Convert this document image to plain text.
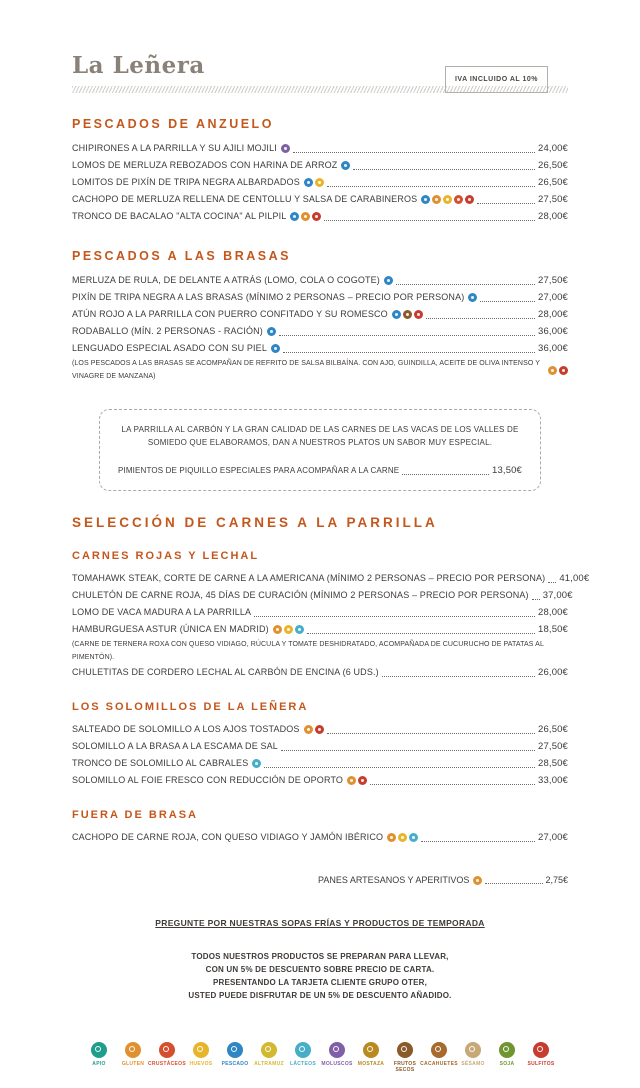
IVA INCLUIDO AL 10%
La Leñera
PESCADOS DE ANZUELO
CHIPIRONES A LA PARRILLA Y SU AJILI MOJILI	24,00€
LOMOS DE MERLUZA REBOZADOS CON HARINA DE ARROZ	26,50€
LOMITOS DE PIXÍN DE TRIPA NEGRA ALBARDADOS	26,50€
CACHOPO DE MERLUZA RELLENA DE CENTOLLU Y SALSA DE CARABINEROS	27,50€
TRONCO DE BACALAO "ALTA COCINA" AL PILPIL	28,00€
PESCADOS A LAS BRASAS
MERLUZA DE RULA, DE DELANTE A ATRÁS (LOMO, COLA O COGOTE)	27,50€
PIXÍN DE TRIPA NEGRA A LAS BRASAS (MÍNIMO 2 PERSONAS – PRECIO POR PERSONA)	27,00€
ATÚN ROJO A LA PARRILLA CON PUERRO CONFITADO Y SU ROMESCO	28,00€
RODABALLO (MÍN. 2 PERSONAS - RACIÓN)	36,00€
LENGUADO ESPECIAL ASADO CON SU PIEL	36,00€
(LOS PESCADOS A LAS BRASAS SE ACOMPAÑAN DE REFRITO DE SALSA BILBAÍNA. CON AJO, GUINDILLA, ACEITE DE OLIVA INTENSO Y VINAGRE DE MANZANA)

LA PARRILLA AL CARBÓN Y LA GRAN CALIDAD DE LAS CARNES DE LAS VACAS DE LOS VALLES DE SOMIEDO QUE ELABORAMOS, DAN A NUESTROS PLATOS UN SABOR MUY ESPECIAL.

PIMIENTOS DE PIQUILLO ESPECIALES PARA ACOMPAÑAR A LA CARNE	13,50€
SELECCIÓN DE CARNES A LA PARRILLA
CARNES ROJAS Y LECHAL
TOMAHAWK STEAK, CORTE DE CARNE A LA AMERICANA (MÍNIMO 2 PERSONAS – PRECIO POR PERSONA) 41,00€
CHULETÓN DE CARNE ROJA, 45 DÍAS DE CURACIÓN (MÍNIMO 2 PERSONAS – PRECIO POR PERSONA) 37,00€
LOMO DE VACA MADURA A LA PARRILLA	28,00€
HAMBURGUESA ASTUR (ÚNICA EN MADRID)	18,50€
(CARNE DE TERNERA ROXA CON QUESO VIDIAGO, RÚCULA Y TOMATE DESHIDRATADO, ACOMPAÑADA DE CUCURUCHO DE PATATAS AL PIMENTÓN).
CHULETITAS DE CORDERO LECHAL AL CARBÓN DE ENCINA (6 UDS.)	26,00€
LOS SOLOMILLOS DE LA LEÑERA
SALTEADO DE SOLOMILLO A LOS AJOS TOSTADOS	26,50€
SOLOMILLO A LA BRASA A LA ESCAMA DE SAL	27,50€
TRONCO DE SOLOMILLO AL CABRALES	28,50€
SOLOMILLO AL FOIE FRESCO CON REDUCCIÓN DE OPORTO	33,00€
FUERA DE BRASA
CACHOPO DE CARNE ROJA, CON QUESO VIDIAGO Y JAMÓN IBÉRICO	27,00€
PANES ARTESANOS Y APERITIVOS	2,75€
PREGUNTE POR NUESTRAS SOPAS FRÍAS Y PRODUCTOS DE TEMPORADA
TODOS NUESTROS PRODUCTOS SE PREPARAN PARA LLEVAR,
CON UN 5% DE DESCUENTO SOBRE PRECIO DE CARTA.
PRESENTANDO LA TARJETA CLIENTE GRUPO OTER,
USTED PUEDE DISFRUTAR DE UN 5% DE DESCUENTO AÑADIDO.
APIO	GLUTEN CRUSTÁCEOS HUEVOS PESCADO ALTRAMUZ LÁCTEOS MOLUSCOS MOSTAZA	FRUTOS SECOS
CACAHUETES SÉSAMO	SOJA	SULFITOS
